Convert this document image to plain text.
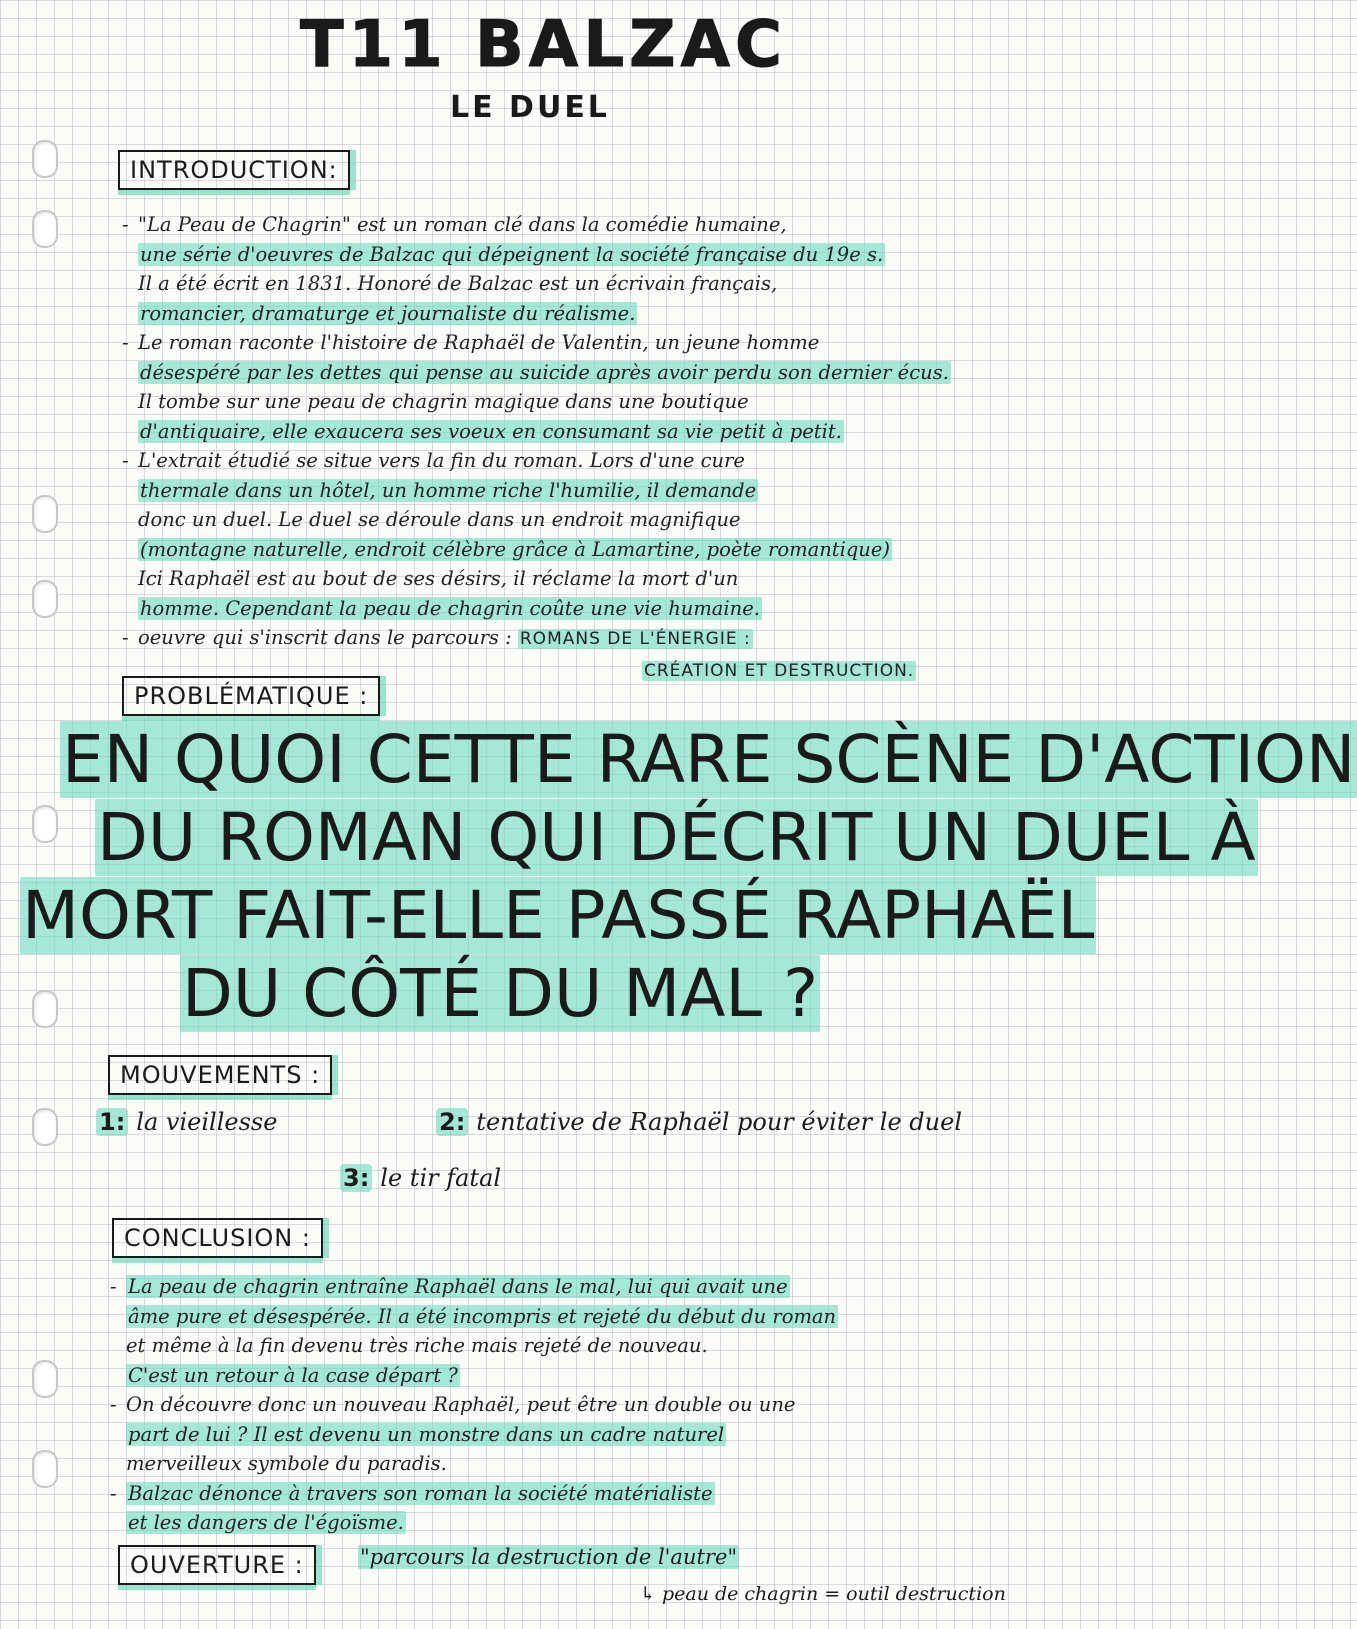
T11 BALZAC
LE DUEL
INTRODUCTION:
- "La Peau de Chagrin" est un roman clé dans la comédie humaine,
une série d'oeuvres de Balzac qui dépeignent la société française du 19e s.
Il a été écrit en 1831. Honoré de Balzac est un écrivain français,
romancier, dramaturge et journaliste du réalisme.
- Le roman raconte l'histoire de Raphaël de Valentin, un jeune homme
désespéré par les dettes qui pense au suicide après avoir perdu son dernier écus.
Il tombe sur une peau de chagrin magique dans une boutique
d'antiquaire, elle exaucera ses voeux en consumant sa vie petit à petit.
- L'extrait étudié se situe vers la fin du roman. Lors d'une cure
thermale dans un hôtel, un homme riche l'humilie, il demande
donc un duel. Le duel se déroule dans un endroit magnifique
(montagne naturelle, endroit célèbre grâce à Lamartine, poète romantique)
Ici Raphaël est au bout de ses désirs, il réclame la mort d'un
homme. Cependant la peau de chagrin coûte une vie humaine.
- oeuvre qui s'inscrit dans le parcours : ROMANS DE L'ÉNERGIE :
CRÉATION ET DESTRUCTION.
PROBLÉMATIQUE :
EN QUOI CETTE RARE SCÈNE D'ACTION
DU ROMAN QUI DÉCRIT UN DUEL À
MORT FAIT-ELLE PASSÉ RAPHAËL
DU CÔTÉ DU MAL ?
MOUVEMENTS :
1: la vieillesse	2: tentative de Raphaël pour éviter le duel
3: le tir fatal
CONCLUSION :
- La peau de chagrin entraîne Raphaël dans le mal, lui qui avait une
âme pure et désespérée. Il a été incompris et rejeté du début du roman
et même à la fin devenu très riche mais rejeté de nouveau.
C'est un retour à la case départ ?
- On découvre donc un nouveau Raphaël, peut être un double ou une
part de lui ? Il est devenu un monstre dans un cadre naturel
merveilleux symbole du paradis.
- Balzac dénonce à travers son roman la société matérialiste
et les dangers de l'égoïsme.
OUVERTURE :	"parcours la destruction de l'autre"
↳ peau de chagrin = outil destruction
